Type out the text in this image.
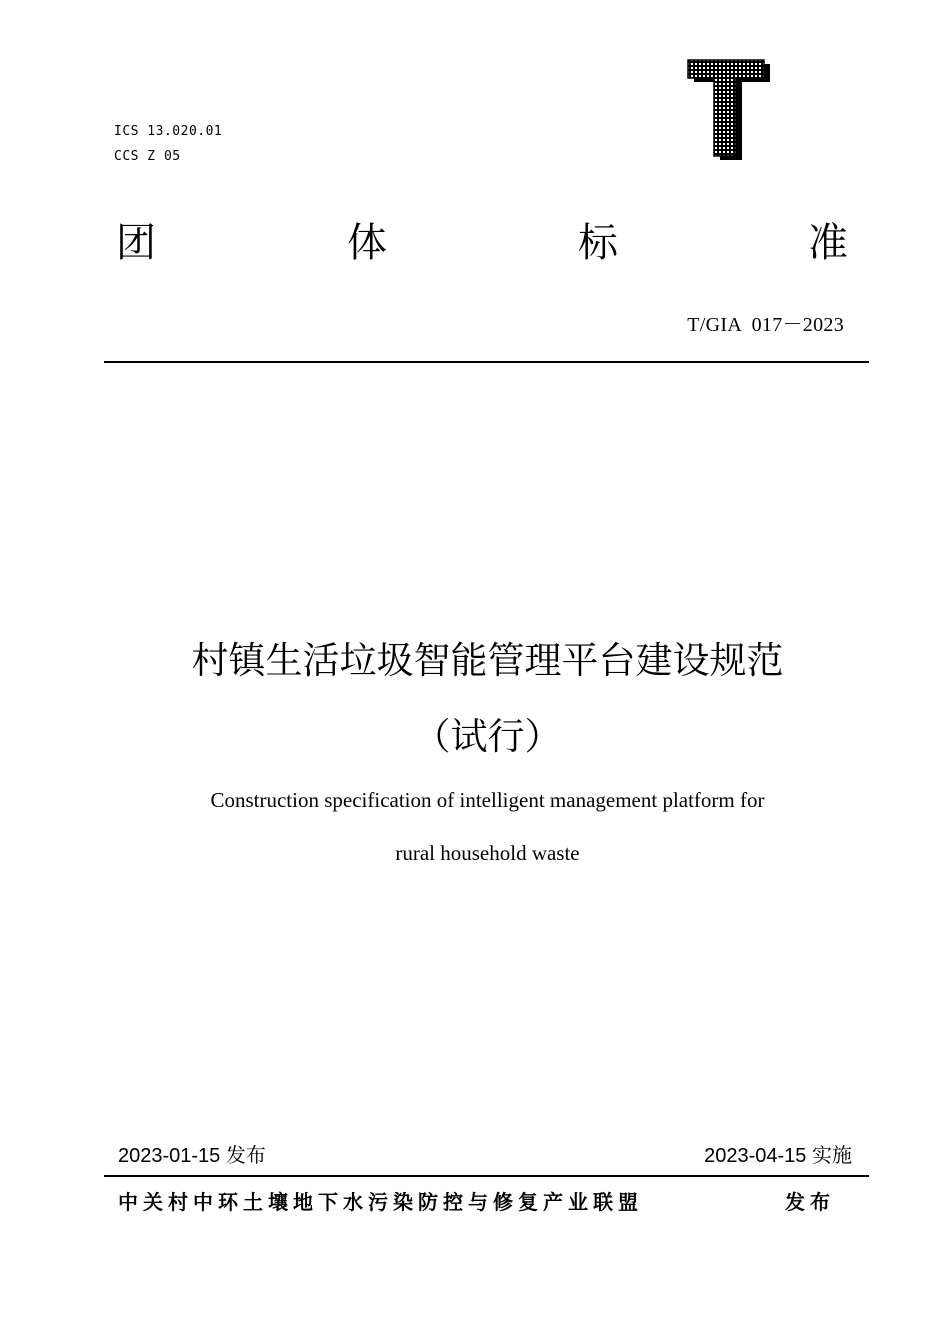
ICS 13.020.01
CCS Z 05
团	体	标	准
T/GIA  017－2023
村镇生活垃圾智能管理平台建设规范
（试行）
Construction specification of intelligent management platform for
rural household waste
2023-01-15 发布	2023-04-15 实施
中关村中环土壤地下水污染防控与修复产业联盟	发布
